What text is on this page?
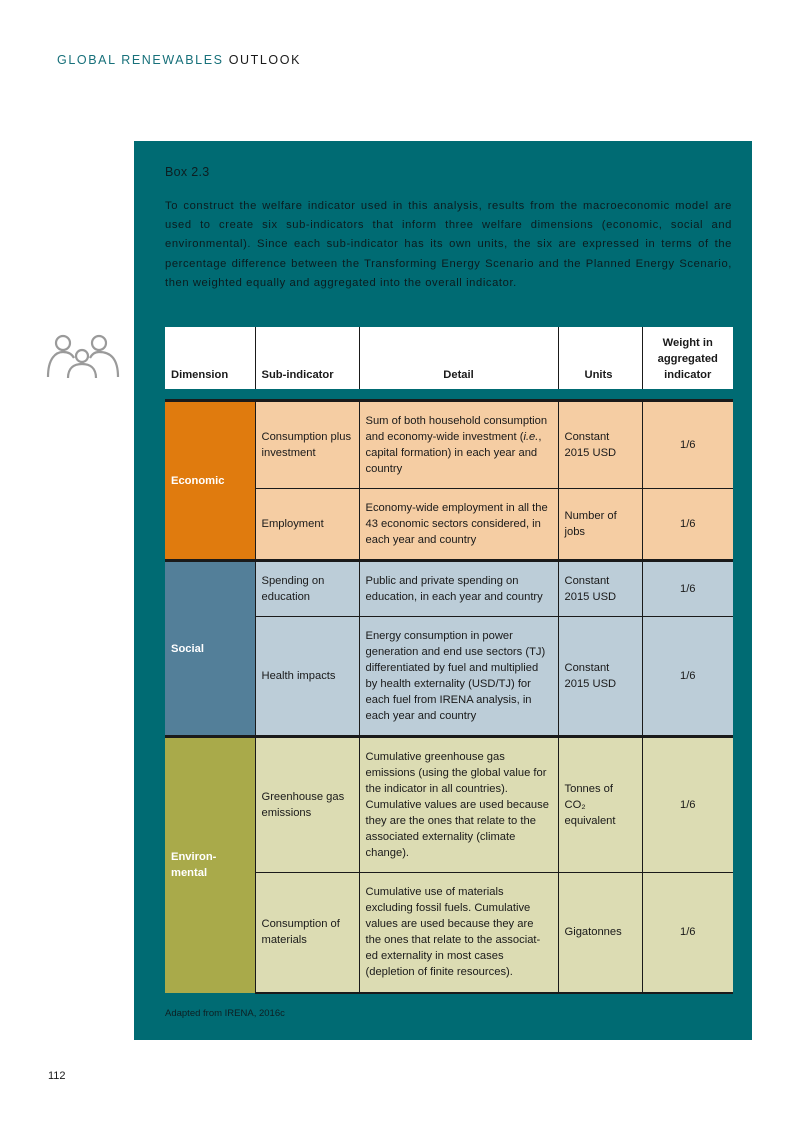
GLOBAL RENEWABLES OUTLOOK
Box 2.3
To construct the welfare indicator used in this analysis, results from the macroeconomic model are used to create six sub-indicators that inform three welfare dimensions (economic, social and environmental). Since each sub-indicator has its own units, the six are expressed in terms of the percentage difference between the Transforming Energy Scenario and the Planned Energy Scenario, then weighted equally and aggregated into the overall indicator.
Dimension	Sub-indicator	Detail	Units	Weight in aggregated indicator

Economic	Consumption plus investment	Sum of both household consumption and economy-wide investment (i.e., capital formation) in each year and country	Constant 2015 USD	1/6
	Employment	Economy-wide employment in all the 43 economic sectors considered, in each year and country	Number of jobs	1/6
Social	Spending on education	Public and private spending on education, in each year and country	Constant 2015 USD	1/6
	Health impacts	Energy consumption in power generation and end use sectors (TJ) differentiated by fuel and multiplied by health externality (USD/TJ) for each fuel from IRENA analysis, in each year and country	Constant 2015 USD	1/6
Environ-mental	Greenhouse gas emissions	Cumulative greenhouse gas emissions (using the global value for the indicator in all countries). Cumulative values are used because they are the ones that relate to the associated externality (climate change).	Tonnes of CO₂ equivalent	1/6
	Consumption of materials	Cumulative use of materials excluding fossil fuels. Cumulative values are used because they are the ones that relate to the associat-ed externality in most cases (depletion of finite resources).	Gigatonnes	1/6
Adapted from IRENA, 2016c
112
